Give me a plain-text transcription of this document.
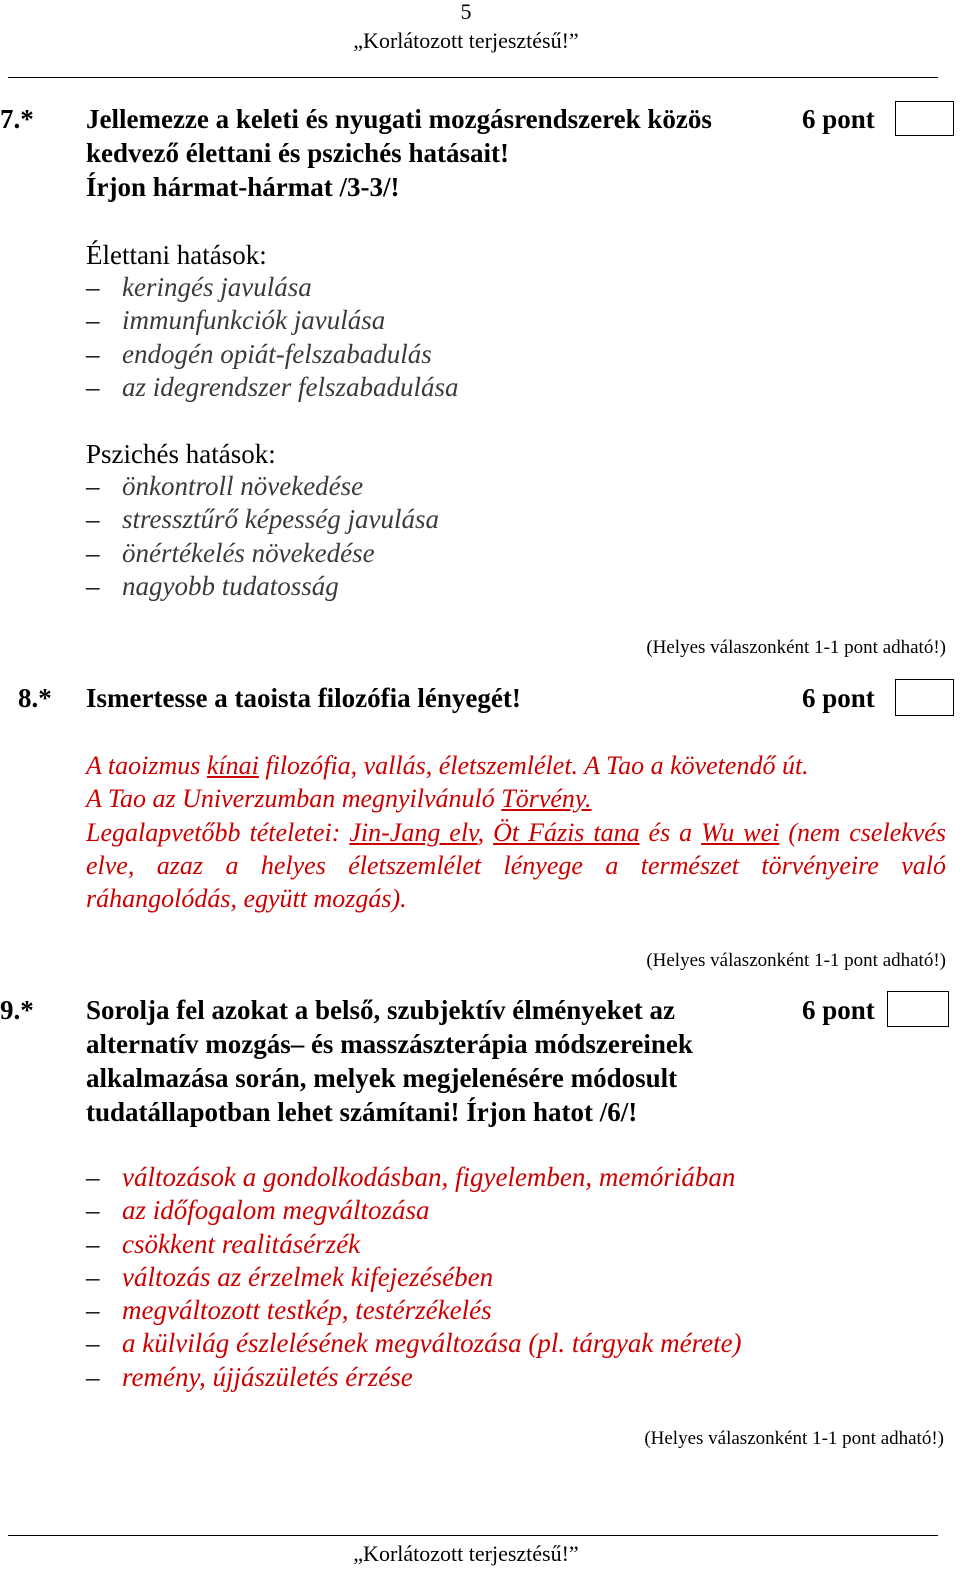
5
„Korlátozott terjesztésű!”
7.* Jellemezze a keleti és nyugati mozgásrendszerek közös
kedvező élettani és pszichés hatásait!
Írjon hármat-hármat /3-3/!
6 pont
Élettani hatások:
– keringés javulása
– immunfunkciók javulása
– endogén opiát-felszabadulás
– az idegrendszer felszabadulása
Pszichés hatások:
– önkontroll növekedése
– stressztűrő képesség javulása
– önértékelés növekedése
– nagyobb tudatosság
(Helyes válaszonként 1-1 pont adható!)
8.* Ismertesse a taoista filozófia lényegét!	6 pont
A taoizmus kínai filozófia, vallás, életszemlélet. A Tao a követendő út.
A Tao az Univerzumban megnyilvánuló Törvény.
Legalapvetőbb tételetei: Jin-Jang elv, Öt Fázis tana és a Wu wei (nem cselekvés elve, azaz a helyes életszemlélet lényege a természet törvényeire való ráhangolódás, együtt mozgás).
(Helyes válaszonként 1-1 pont adható!)
9.* Sorolja fel azokat a belső, szubjektív élményeket az
alternatív mozgás– és masszászterápia módszereinek
alkalmazása során, melyek megjelenésére módosult
tudatállapotban lehet számítani! Írjon hatot /6/!
6 pont
– változások a gondolkodásban, figyelemben, memóriában
– az időfogalom megváltozása
– csökkent realitásérzék
– változás az érzelmek kifejezésében
– megváltozott testkép, testérzékelés
– a külvilág észlelésének megváltozása (pl. tárgyak mérete)
– remény, újjászületés érzése
(Helyes válaszonként 1-1 pont adható!)
„Korlátozott terjesztésű!”
